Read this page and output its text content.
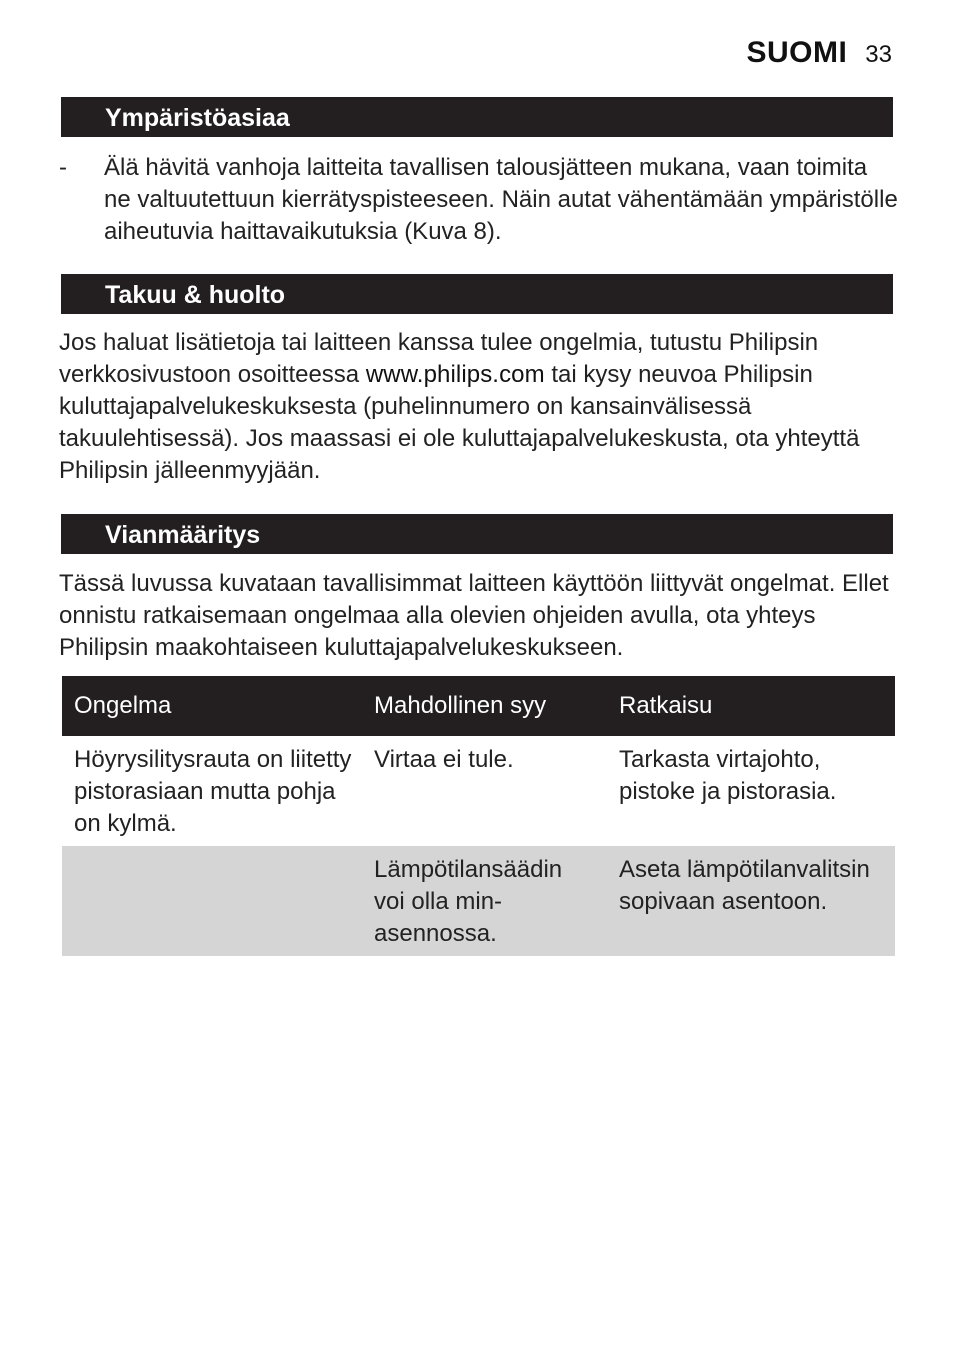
SUOMI 33
Ympäristöasiaa
- Älä hävitä vanhoja laitteita tavallisen talousjätteen mukana, vaan toimita ne valtuutettuun kierrätyspisteeseen. Näin autat vähentämään ympäristölle aiheutuvia haittavaikutuksia (Kuva 8).
Takuu & huolto
Jos haluat lisätietoja tai laitteen kanssa tulee ongelmia, tutustu Philipsin verkkosivustoon osoitteessa www.philips.com tai kysy neuvoa Philipsin kuluttajapalvelukeskuksesta (puhelinnumero on kansainvälisessä takuulehtisessä). Jos maassasi ei ole kuluttajapalvelukeskusta, ota yhteyttä Philipsin jälleenmyyjään.
Vianmääritys
Tässä luvussa kuvataan tavallisimmat laitteen käyttöön liittyvät ongelmat. Ellet onnistu ratkaisemaan ongelmaa alla olevien ohjeiden avulla, ota yhteys Philipsin maakohtaiseen kuluttajapalvelukeskukseen.
Ongelma	Mahdollinen syy	Ratkaisu
Höyrysilitysrauta on liitetty pistorasiaan mutta pohja on kylmä.	Virtaa ei tule.	Tarkasta virtajohto, pistoke ja pistorasia.
	Lämpötilansäädin voi olla min-asennossa.	Aseta lämpötilanvalitsin sopivaan asentoon.
